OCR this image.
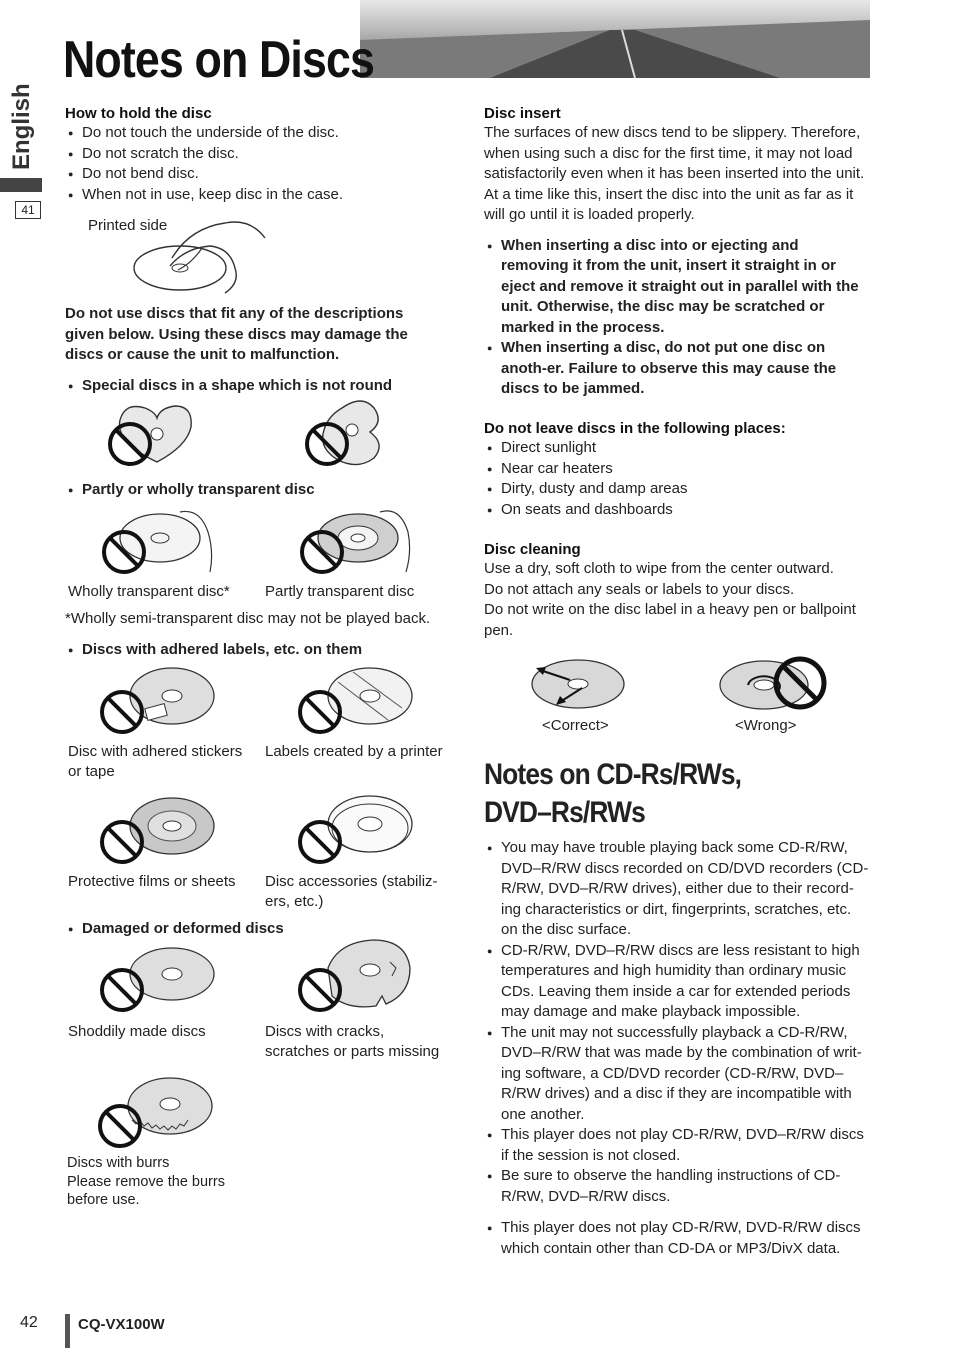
Notes on Discs
English
41
How to hold the disc
● Do not touch the underside of the disc.
● Do not scratch the disc.
● Do not bend disc.
● When not in use, keep disc in the case.
Printed side
Do not use discs that fit any of the descriptions given below. Using these discs may damage the discs or cause the unit to malfunction.
● Special discs in a shape which is not round
● Partly or wholly transparent disc
Wholly transparent disc* Partly transparent disc
*Wholly semi-transparent disc may not be played back.
● Discs with adhered labels, etc. on them
Disc with adhered stickers or tape
Labels created by a printer
Protective films or sheets Disc accessories (stabiliz-ers, etc.)
● Damaged or deformed discs
Shoddily made discs	Discs with cracks, scratches or parts missing
Discs with burrs
Please remove the burrs before use.
Disc insert
The surfaces of new discs tend to be slippery. Therefore, when using such a disc for the first time, it may not load satisfactorily even when it has been inserted into the unit. At a time like this, insert the disc into the unit as far as it will go until it is loaded properly.
● When inserting a disc into or ejecting and removing it from the unit, insert it straight in or eject and remove it straight out in parallel with the unit. Otherwise, the disc may be scratched or marked in the process.
● When inserting a disc, do not put one disc on anoth-er. Failure to observe this may cause the discs to be jammed.
Do not leave discs in the following places:
● Direct sunlight
● Near car heaters
● Dirty, dusty and damp areas
● On seats and dashboards
Disc cleaning
Use a dry, soft cloth to wipe from the center outward.
Do not attach any seals or labels to your discs.
Do not write on the disc label in a heavy pen or ballpoint pen.
<Correct>	<Wrong>
Notes on CD-Rs/RWs,
DVD–Rs/RWs
● You may have trouble playing back some CD-R/RW, DVD–R/RW discs recorded on CD/DVD recorders (CD-R/RW, DVD–R/RW drives), either due to their record-ing characteristics or dirt, fingerprints, scratches, etc. on the disc surface.
● CD-R/RW, DVD–R/RW discs are less resistant to high temperatures and high humidity than ordinary music CDs. Leaving them inside a car for extended periods may damage and make playback impossible.
● The unit may not successfully playback a CD-R/RW, DVD–R/RW that was made by the combination of writ-ing software, a CD/DVD recorder (CD-R/RW, DVD–R/RW drives) and a disc if they are incompatible with one another.
● This player does not play CD-R/RW, DVD–R/RW discs if the session is not closed.
● Be sure to observe the handling instructions of CD-R/RW, DVD–R/RW discs.
● This player does not play CD-R/RW, DVD-R/RW discs which contain other than CD-DA or MP3/DivX data.
42	CQ-VX100W
